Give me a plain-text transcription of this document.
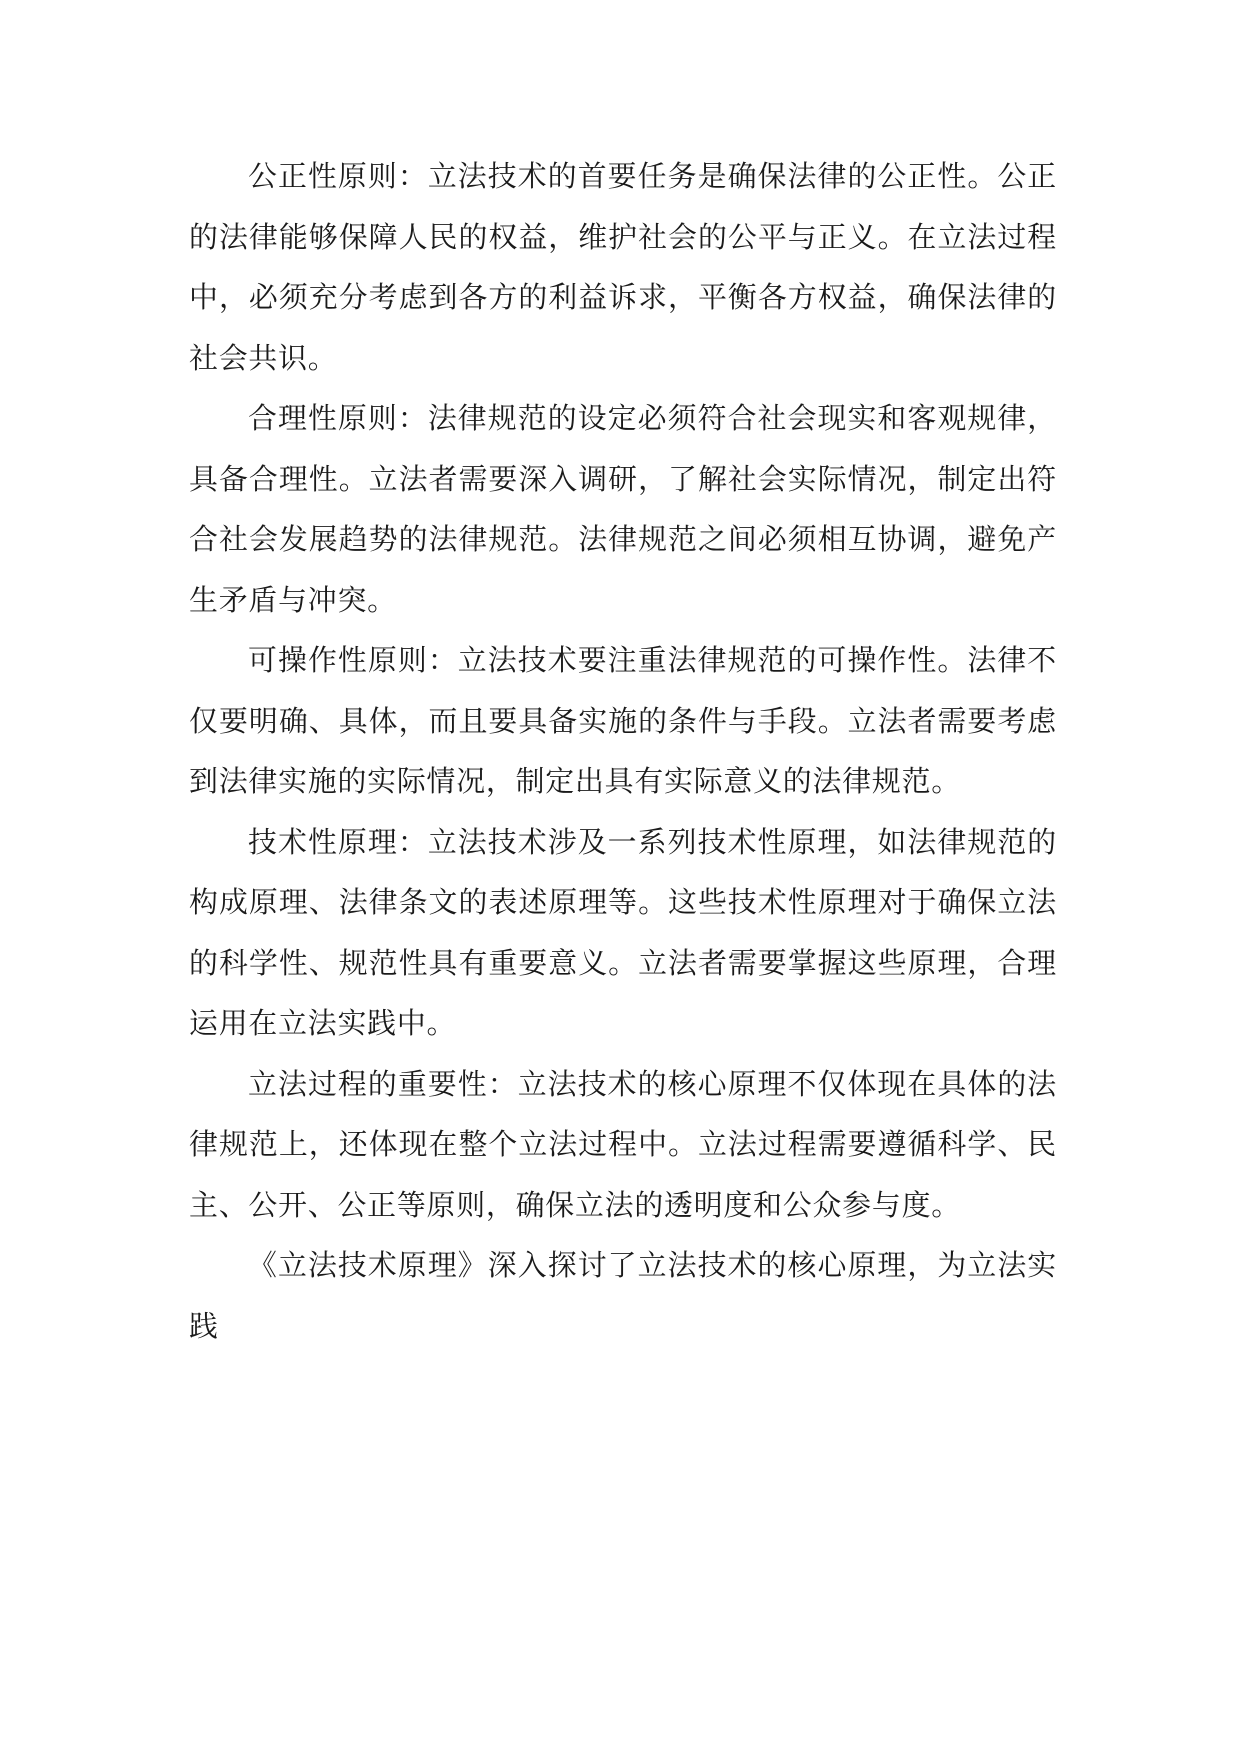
公正性原则：立法技术的首要任务是确保法律的公正性。公正的法律能够保障人民的权益，维护社会的公平与正义。在立法过程中，必须充分考虑到各方的利益诉求，平衡各方权益，确保法律的社会共识。

合理性原则：法律规范的设定必须符合社会现实和客观规律，具备合理性。立法者需要深入调研，了解社会实际情况，制定出符合社会发展趋势的法律规范。法律规范之间必须相互协调，避免产生矛盾与冲突。

可操作性原则：立法技术要注重法律规范的可操作性。法律不仅要明确、具体，而且要具备实施的条件与手段。立法者需要考虑到法律实施的实际情况，制定出具有实际意义的法律规范。

技术性原理：立法技术涉及一系列技术性原理，如法律规范的构成原理、法律条文的表述原理等。这些技术性原理对于确保立法的科学性、规范性具有重要意义。立法者需要掌握这些原理，合理运用在立法实践中。

立法过程的重要性：立法技术的核心原理不仅体现在具体的法律规范上，还体现在整个立法过程中。立法过程需要遵循科学、民主、公开、公正等原则，确保立法的透明度和公众参与度。

《立法技术原理》深入探讨了立法技术的核心原理，为立法实践
